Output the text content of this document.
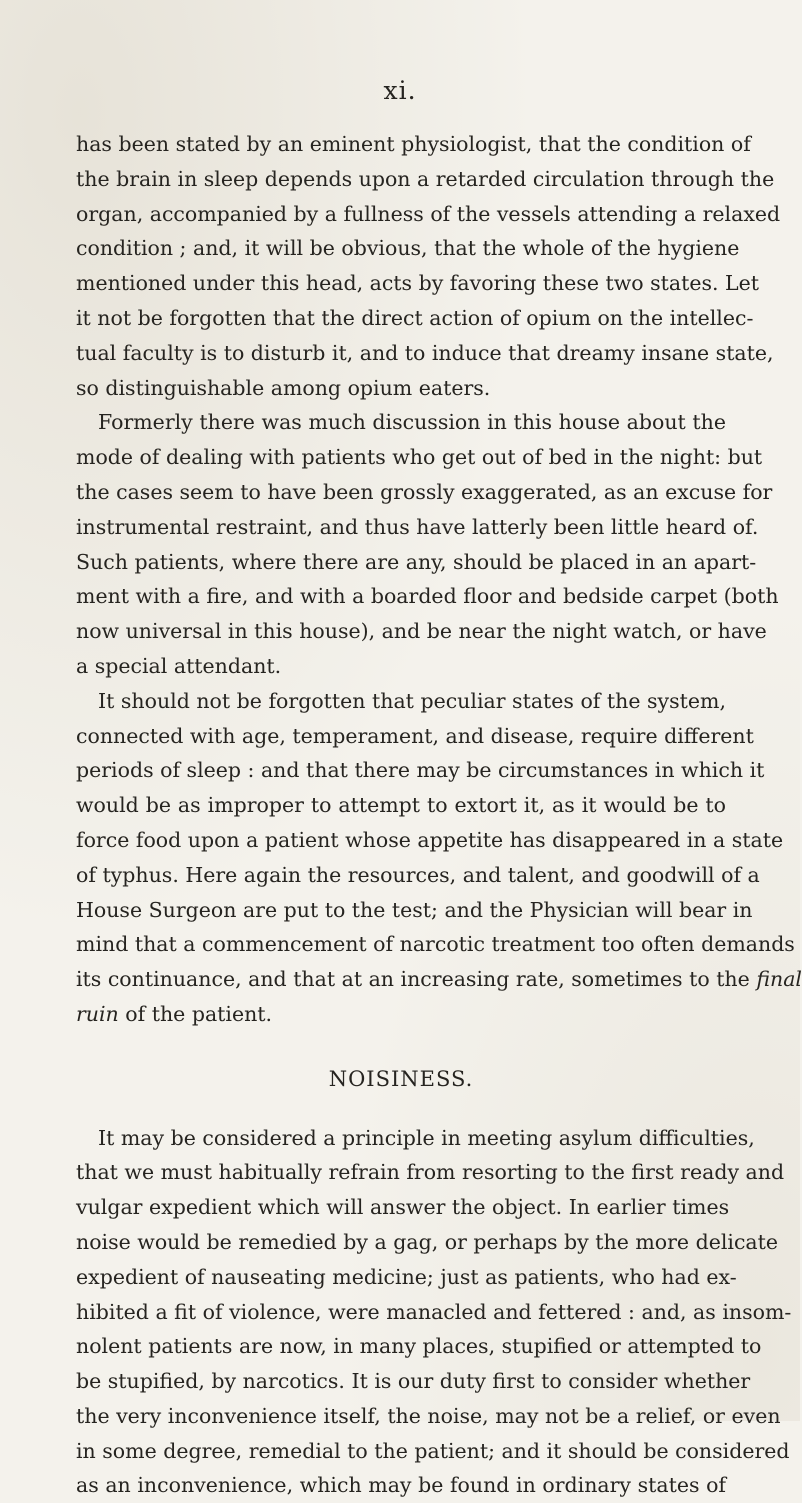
xi.
has been stated by an eminent physiologist, that the condition of
the brain in sleep depends upon a retarded circulation through the
organ, accompanied by a fullness of the vessels attending a relaxed
condition ; and, it will be obvious, that the whole of the hygiene
mentioned under this head, acts by favoring these two states. Let
it not be forgotten that the direct action of opium on the intellec-
tual faculty is to disturb it, and to induce that dreamy insane state,
so distinguishable among opium eaters.
Formerly there was much discussion in this house about the
mode of dealing with patients who get out of bed in the night: but
the cases seem to have been grossly exaggerated, as an excuse for
instrumental restraint, and thus have latterly been little heard of.
Such patients, where there are any, should be placed in an apart-
ment with a fire, and with a boarded floor and bedside carpet (both
now universal in this house), and be near the night watch, or have
a special attendant.
It should not be forgotten that peculiar states of the system,
connected with age, temperament, and disease, require different
periods of sleep : and that there may be circumstances in which it
would be as improper to attempt to extort it, as it would be to
force food upon a patient whose appetite has disappeared in a state
of typhus. Here again the resources, and talent, and goodwill of a
House Surgeon are put to the test; and the Physician will bear in
mind that a commencement of narcotic treatment too often demands
its continuance, and that at an increasing rate, sometimes to the final
ruin of the patient.
NOISINESS.
It may be considered a principle in meeting asylum difficulties,
that we must habitually refrain from resorting to the first ready and
vulgar expedient which will answer the object. In earlier times
noise would be remedied by a gag, or perhaps by the more delicate
expedient of nauseating medicine; just as patients, who had ex-
hibited a fit of violence, were manacled and fettered : and, as insom-
nolent patients are now, in many places, stupified or attempted to
be stupified, by narcotics. It is our duty first to consider whether
the very inconvenience itself, the noise, may not be a relief, or even
in some degree, remedial to the patient; and it should be considered
as an inconvenience, which may be found in ordinary states of
